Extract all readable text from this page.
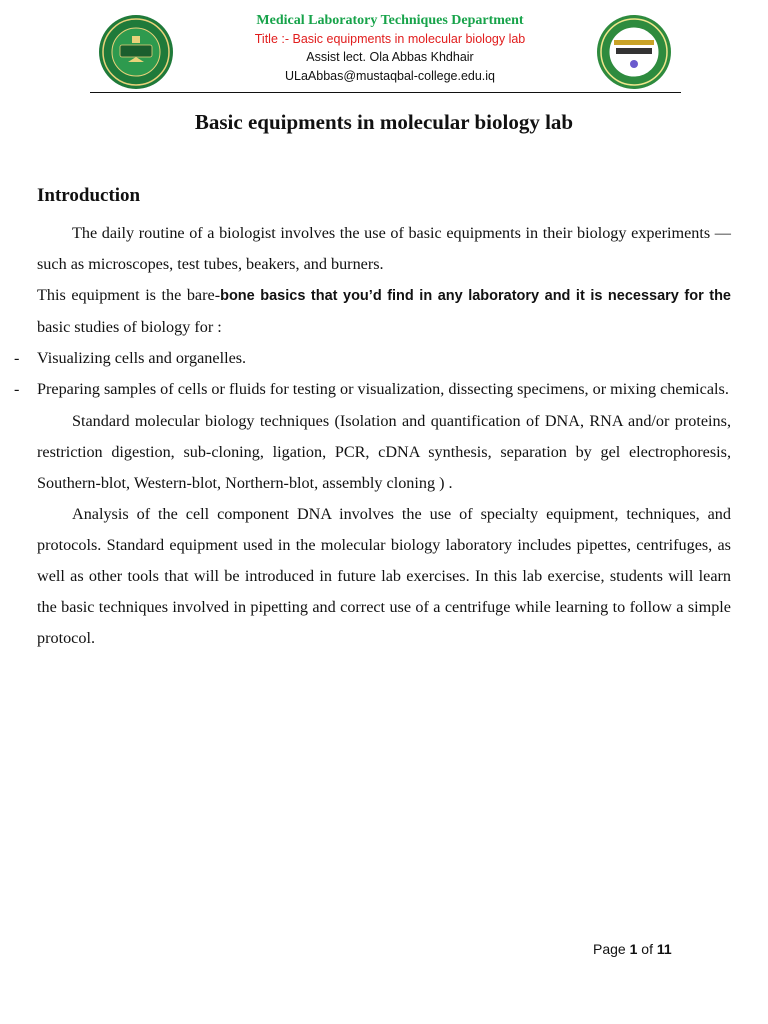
Medical Laboratory Techniques Department
Title :- Basic equipments in molecular biology lab
Assist lect. Ola Abbas Khdhair
ULaAbbas@mustaqbal-college.edu.iq
Basic equipments in molecular biology lab
Introduction

The daily routine of a biologist involves the use of basic equipments in their biology experiments — such as microscopes, test tubes, beakers, and burners.

This equipment is the bare-bone basics that you’d find in any laboratory and it is necessary for the basic studies of biology for :

- Visualizing cells and organelles.

- Preparing samples of cells or fluids for testing or visualization, dissecting specimens, or mixing chemicals.

Standard molecular biology techniques (Isolation and quantification of DNA, RNA and/or proteins, restriction digestion, sub-cloning, ligation, PCR, cDNA synthesis, separation by gel electrophoresis, Southern-blot, Western-blot, Northern-blot, assembly cloning ) .

Analysis of the cell component DNA involves the use of specialty equipment, techniques, and protocols. Standard equipment used in the molecular biology laboratory includes pipettes, centrifuges, as well as other tools that will be introduced in future lab exercises. In this lab exercise, students will learn the basic techniques involved in pipetting and correct use of a centrifuge while learning to follow a simple protocol.

Page 1 of 11
